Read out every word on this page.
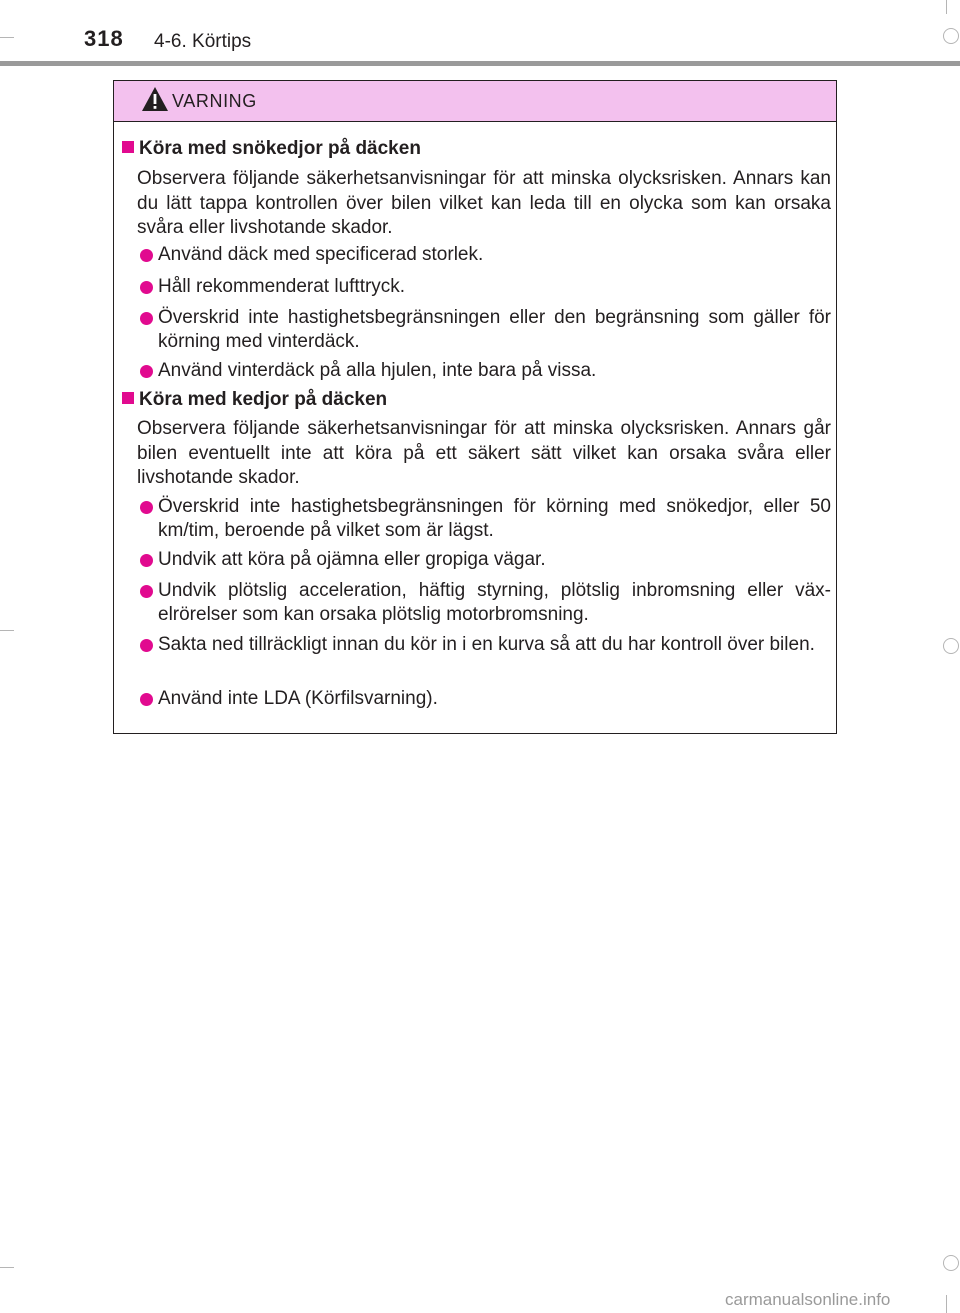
318 4-6. Körtips
VARNING
Köra med snökedjor på däcken
Observera följande säkerhetsanvisningar för att minska olycksrisken. Annars kan du lätt tappa kontrollen över bilen vilket kan leda till en olycka som kan orsaka svåra eller livshotande skador.
Använd däck med specificerad storlek.
Håll rekommenderat lufttryck.
Överskrid inte hastighetsbegränsningen eller den begränsning som gäller för körning med vinterdäck.
Använd vinterdäck på alla hjulen, inte bara på vissa.
Köra med kedjor på däcken
Observera följande säkerhetsanvisningar för att minska olycksrisken. Annars går bilen eventuellt inte att köra på ett säkert sätt vilket kan orsaka svåra eller livshotande skador.
Överskrid inte hastighetsbegränsningen för körning med snökedjor, eller 50 km/tim, beroende på vilket som är lägst.
Undvik att köra på ojämna eller gropiga vägar.
Undvik plötslig acceleration, häftig styrning, plötslig inbromsning eller väx-elrörelser som kan orsaka plötslig motorbromsning.
Sakta ned tillräckligt innan du kör in i en kurva så att du har kontroll över bilen.
Använd inte LDA (Körfilsvarning).
carmanualsonline.info
